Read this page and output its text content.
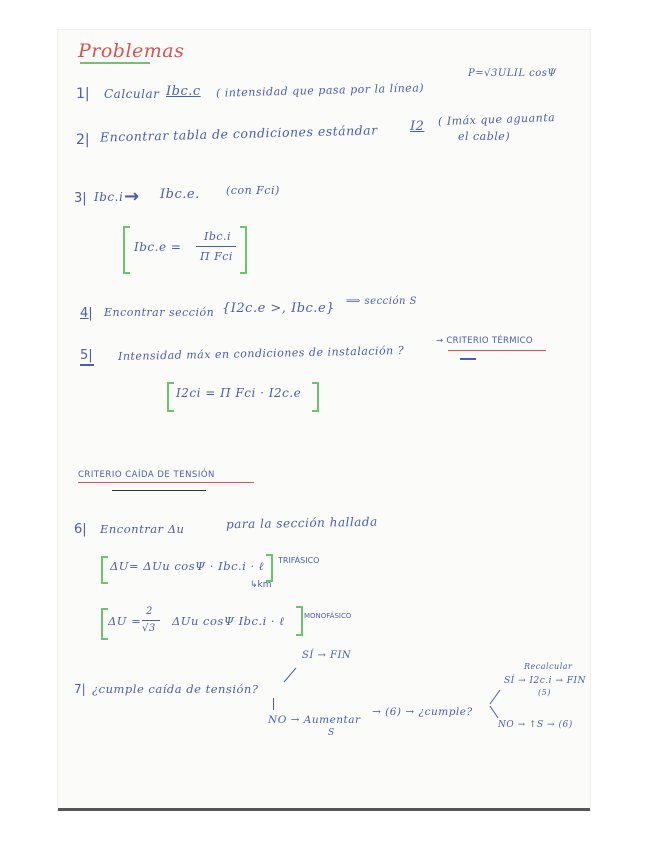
Problemas
1| Calcular Ibc.c ( intensidad que pasa por la línea)
P=√3ULIL cosΨ
2| Encontrar tabla de condiciones estándar I2 ( Imáx que aguanta
el cable)
3| Ibc.i → Ibc.e. (con Fci)
Ibc.e =
Ibc.i
Π Fci
4| Encontrar sección {I2c.e >, Ibc.e} ⟹ sección S
5| Intensidad máx en condiciones de instalación ?
→ CRITERIO TÉRMICO
I2ci = Π Fci · I2c.e
CRITERIO CAÍDA DE TENSIÓN
6| Encontrar Δu	para la sección hallada
ΔU= ΔUu cosΨ · Ibc.i · ℓ TRIFÁSICO
↳km
ΔU =
2
√3
ΔUu cosΨ Ibc.i · ℓ	MONOFÁSICO
7| ¿cumple caída de tensión?
SÍ → FIN
NO → Aumentar
S
→ (6) → ¿cumple?
Recalcular
SÍ → I2c.i → FIN
(5)
NO → ↑S → (6)
